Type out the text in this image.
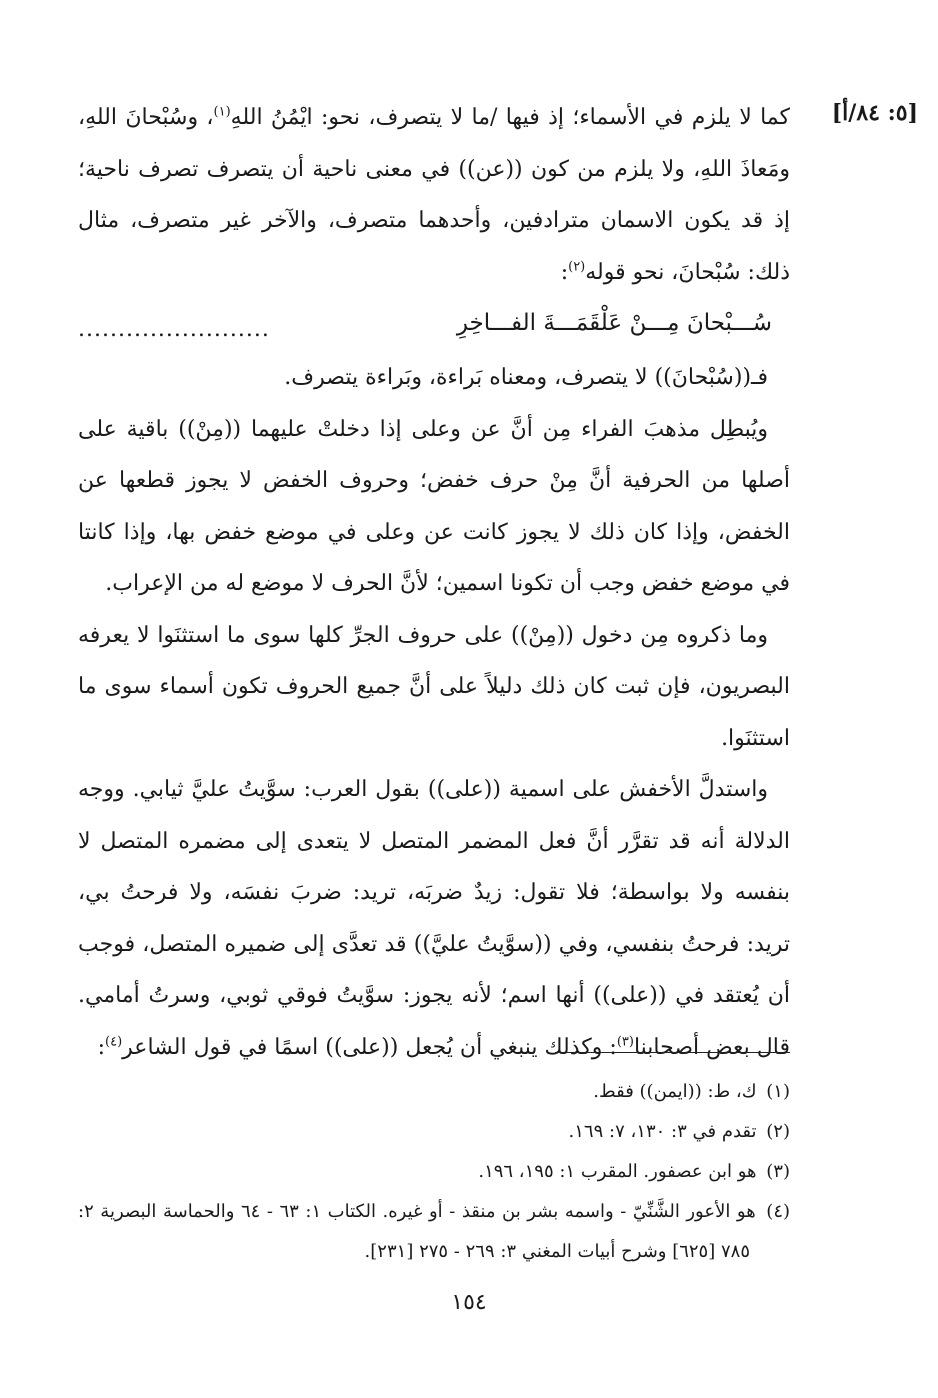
[٥: ٨٤/أ]

كما لا يلزم في الأسماء؛ إذ فيها /ما لا يتصرف، نحو: ايْمُنُ اللهِ$^{(١)}$، وسُبْحانَ اللهِ، ومَعاذَ اللهِ، ولا يلزم من كون ((عن)) في معنى ناحية أن يتصرف تصرف ناحية؛ إذ قد يكون الاسمان مترادفين، وأحدهما متصرف، والآخر غير متصرف، مثال ذلك: سُبْحانَ، نحو قوله$^{(٢)}$:

سُـــبْحانَ مِـــنْ عَلْقَمَـــةَ الفـــاخِرِ
........................

فـ((سُبْحانَ)) لا يتصرف، ومعناه بَراءة، وبَراءة يتصرف.

ويُبطِل مذهبَ الفراء مِن أنَّ عن وعلى إذا دخلتْ عليهما ((مِنْ)) باقية على أصلها من الحرفية أنَّ مِنْ حرف خفض؛ وحروف الخفض لا يجوز قطعها عن الخفض، وإذا كان ذلك لا يجوز كانت عن وعلى في موضع خفض بها، وإذا كانتا في موضع خفض وجب أن تكونا اسمين؛ لأنَّ الحرف لا موضع له من الإعراب.

وما ذكروه مِن دخول ((مِنْ)) على حروف الجرِّ كلها سوى ما استثنَوا لا يعرفه البصريون، فإن ثبت كان ذلك دليلاً على أنَّ جميع الحروف تكون أسماء سوى ما استثنَوا.

واستدلَّ الأخفش على اسمية ((على)) بقول العرب: سوَّيتُ عليَّ ثيابي. ووجه الدلالة أنه قد تقرَّر أنَّ فعل المضمر المتصل لا يتعدى إلى مضمره المتصل لا بنفسه ولا بواسطة؛ فلا تقول: زيدٌ ضربَه، تريد: ضربَ نفسَه، ولا فرحتُ بي، تريد: فرحتُ بنفسي، وفي ((سوَّيتُ عليَّ)) قد تعدَّى إلى ضميره المتصل، فوجب أن يُعتقد في ((على)) أنها اسم؛ لأنه يجوز: سوَّيتُ فوقي ثوبي، وسرتُ أمامي. قال بعض أصحابنا$^{(٣)}$: وكذلك ينبغي أن يُجعل ((على)) اسمًا في قول الشاعر$^{(٤)}$:

(١) ك، ط: ((ايمن)) فقط.

(٢) تقدم في ٣: ١٣٠، ٧: ١٦٩.

(٣) هو ابن عصفور. المقرب ١: ١٩٥، ١٩٦.

(٤) هو الأعور الشَّنِّيّ - واسمه بشر بن منقذ - أو غيره. الكتاب ١: ٦٣ - ٦٤ والحماسة البصرية ٢: ٧٨٥ [٦٢٥] وشرح أبيات المغني ٣: ٢٦٩ - ٢٧٥ [٢٣١].

١٥٤
